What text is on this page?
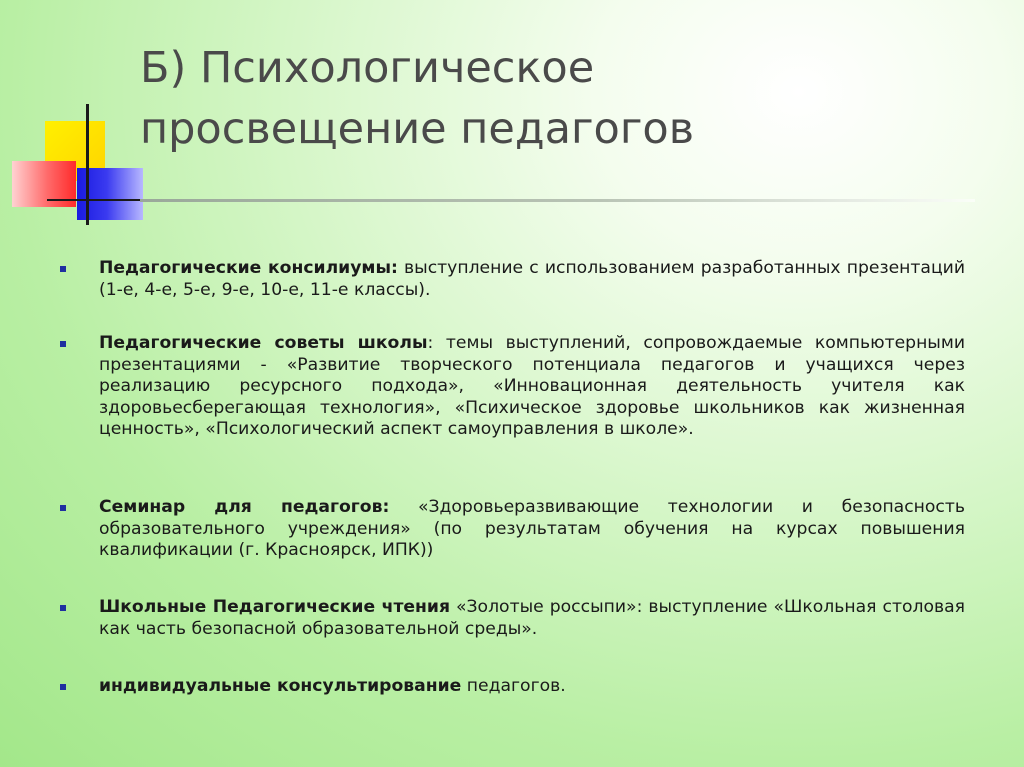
Б) Психологическое
просвещение педагогов
Педагогические консилиумы: выступление с использованием разработанных презентаций (1-е, 4-е, 5-е, 9-е, 10-е, 11-е классы).
Педагогические советы школы: темы выступлений, сопровождаемые компьютерными презентациями - «Развитие творческого потенциала педагогов и учащихся через реализацию ресурсного подхода», «Инновационная деятельность учителя как здоровьесберегающая технология», «Психическое здоровье школьников как жизненная ценность», «Психологический аспект самоуправления в школе».
Семинар для педагогов: «Здоровьеразвивающие технологии и безопасность образовательного учреждения» (по результатам обучения на курсах повышения квалификации (г. Красноярск, ИПК))
Школьные Педагогические чтения «Золотые россыпи»: выступление «Школьная столовая как часть безопасной образовательной среды».
индивидуальные консультирование педагогов.
